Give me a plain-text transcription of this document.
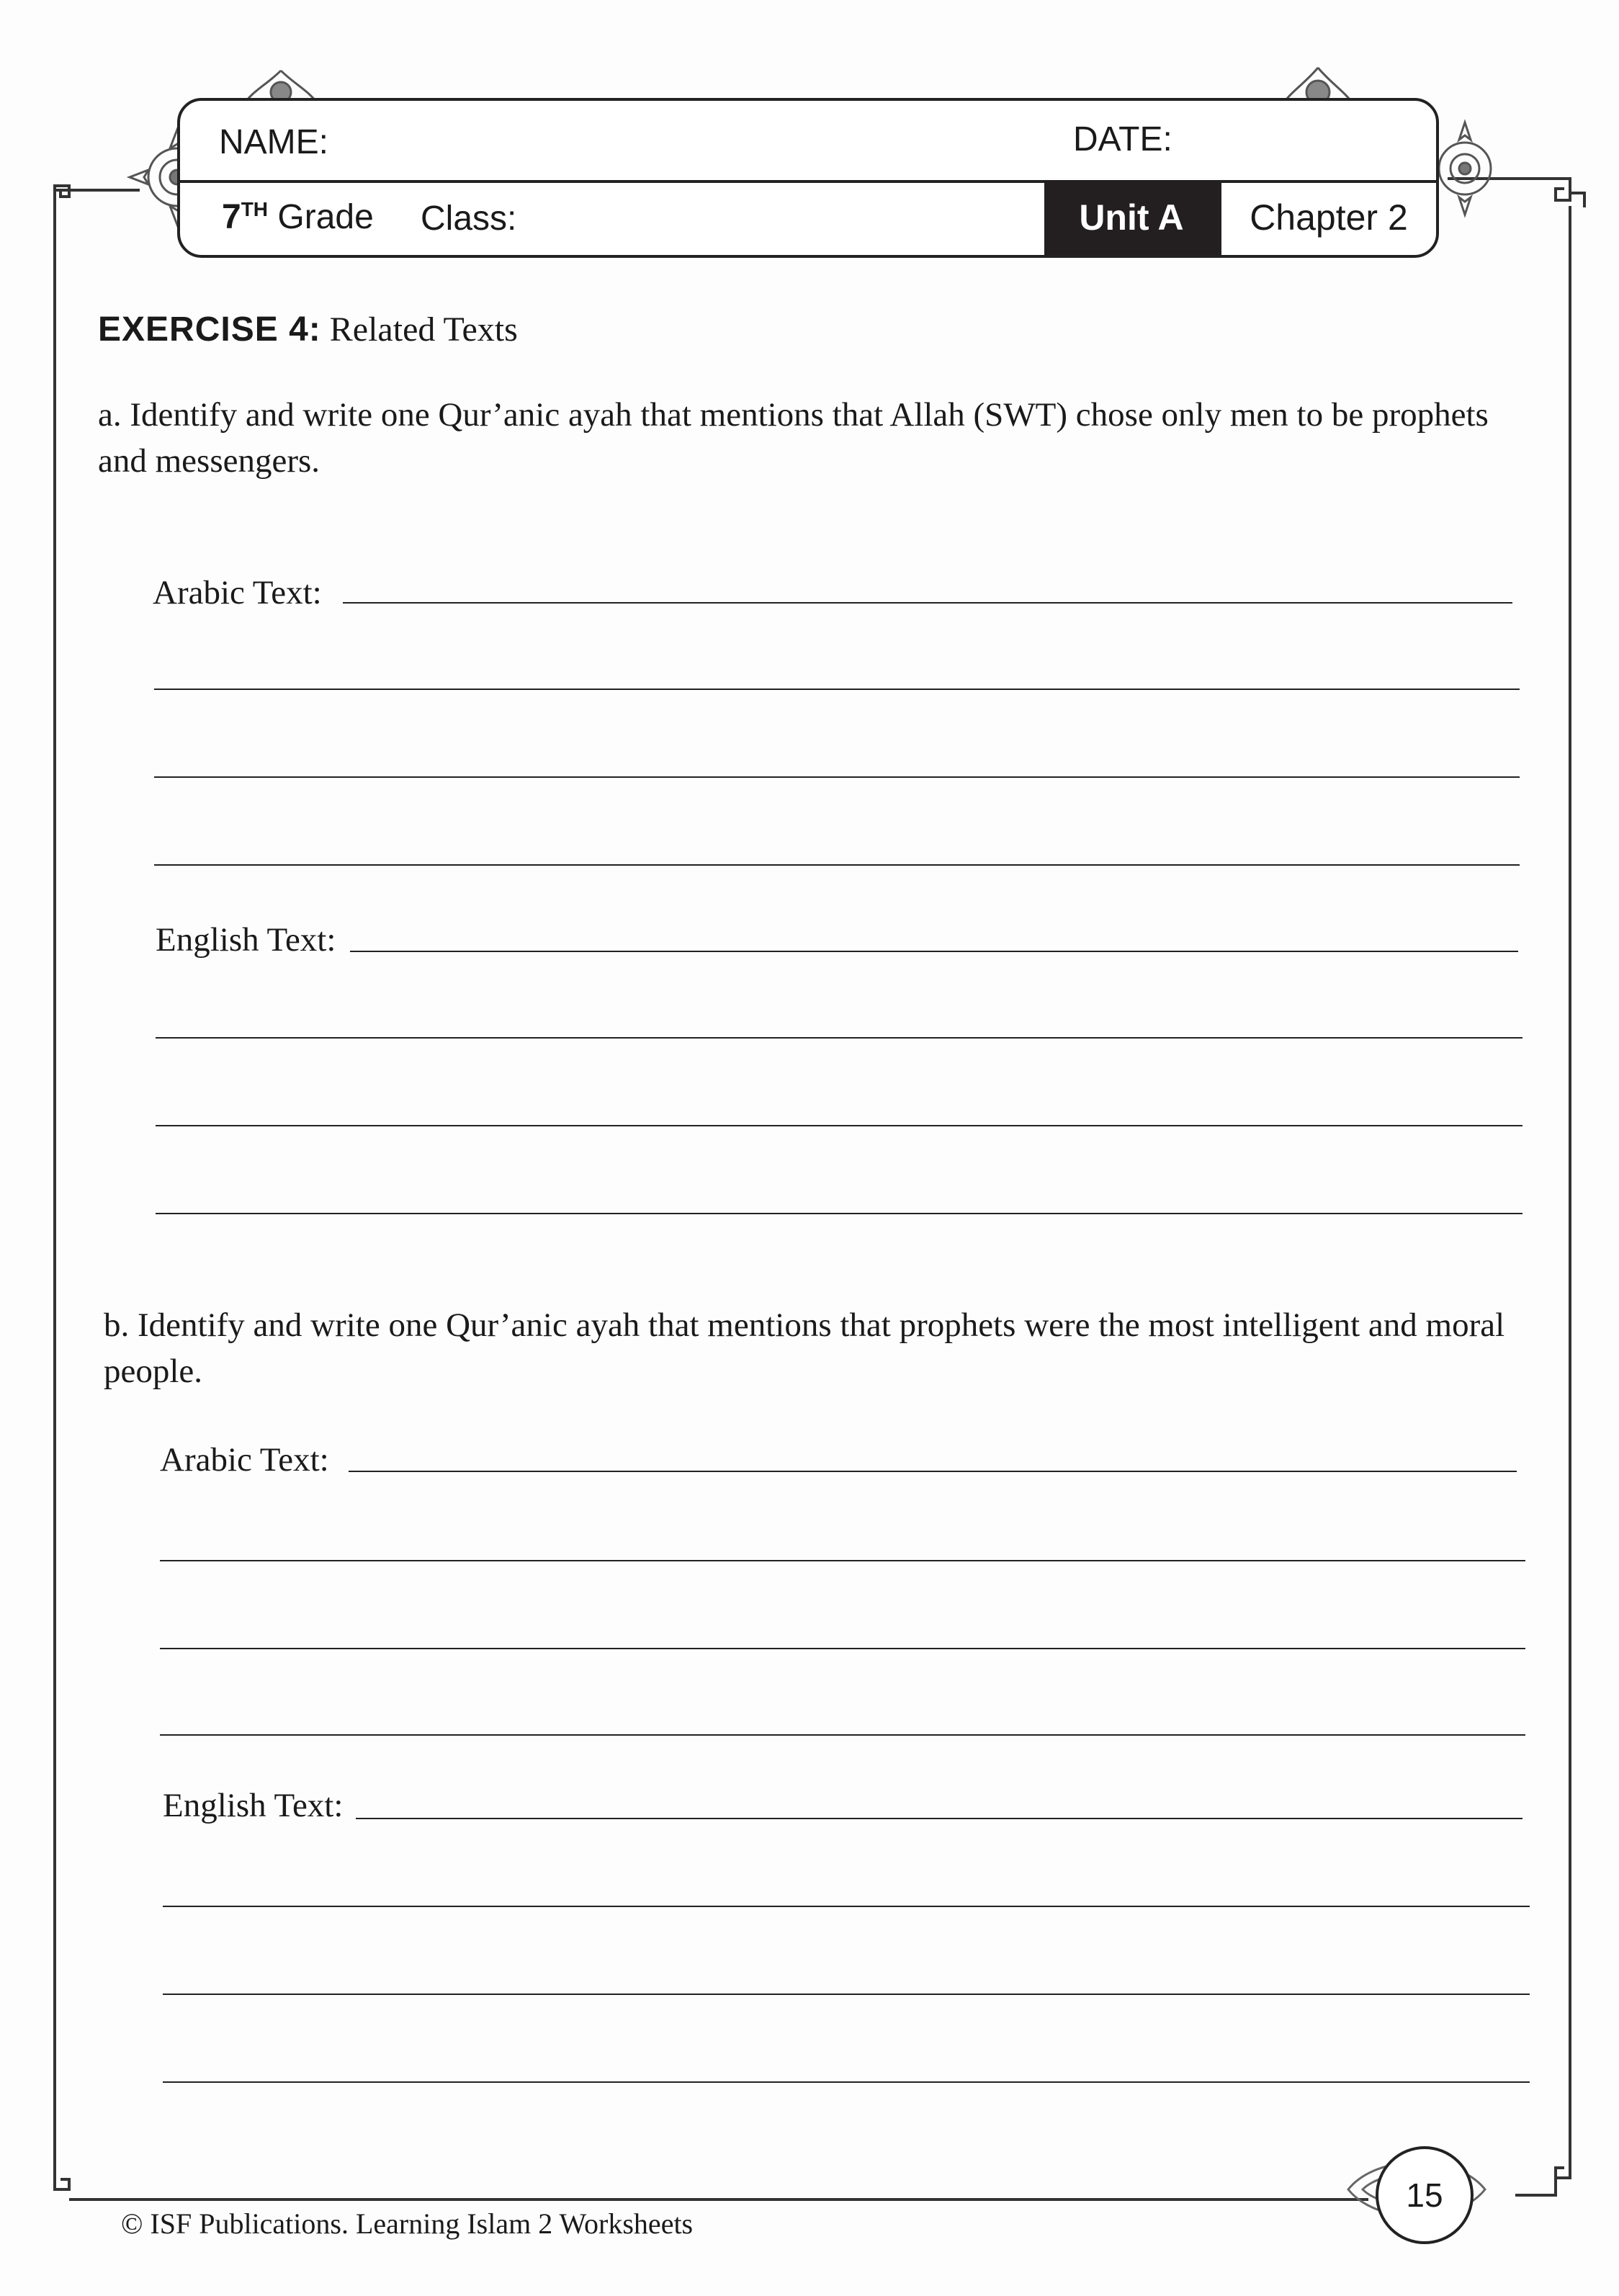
NAME:	DATE:
7TH Grade Class:	Unit A	Chapter 2
EXERCISE 4: Related Texts
a. Identify and write one Qur’anic ayah that mentions that Allah (SWT) chose only men to be prophets and messengers.
Arabic Text:
English Text:
b. Identify and write one Qur’anic ayah that mentions that prophets were the most intelligent and moral people.
Arabic Text:
English Text:
15
© ISF Publications. Learning Islam 2 Worksheets
